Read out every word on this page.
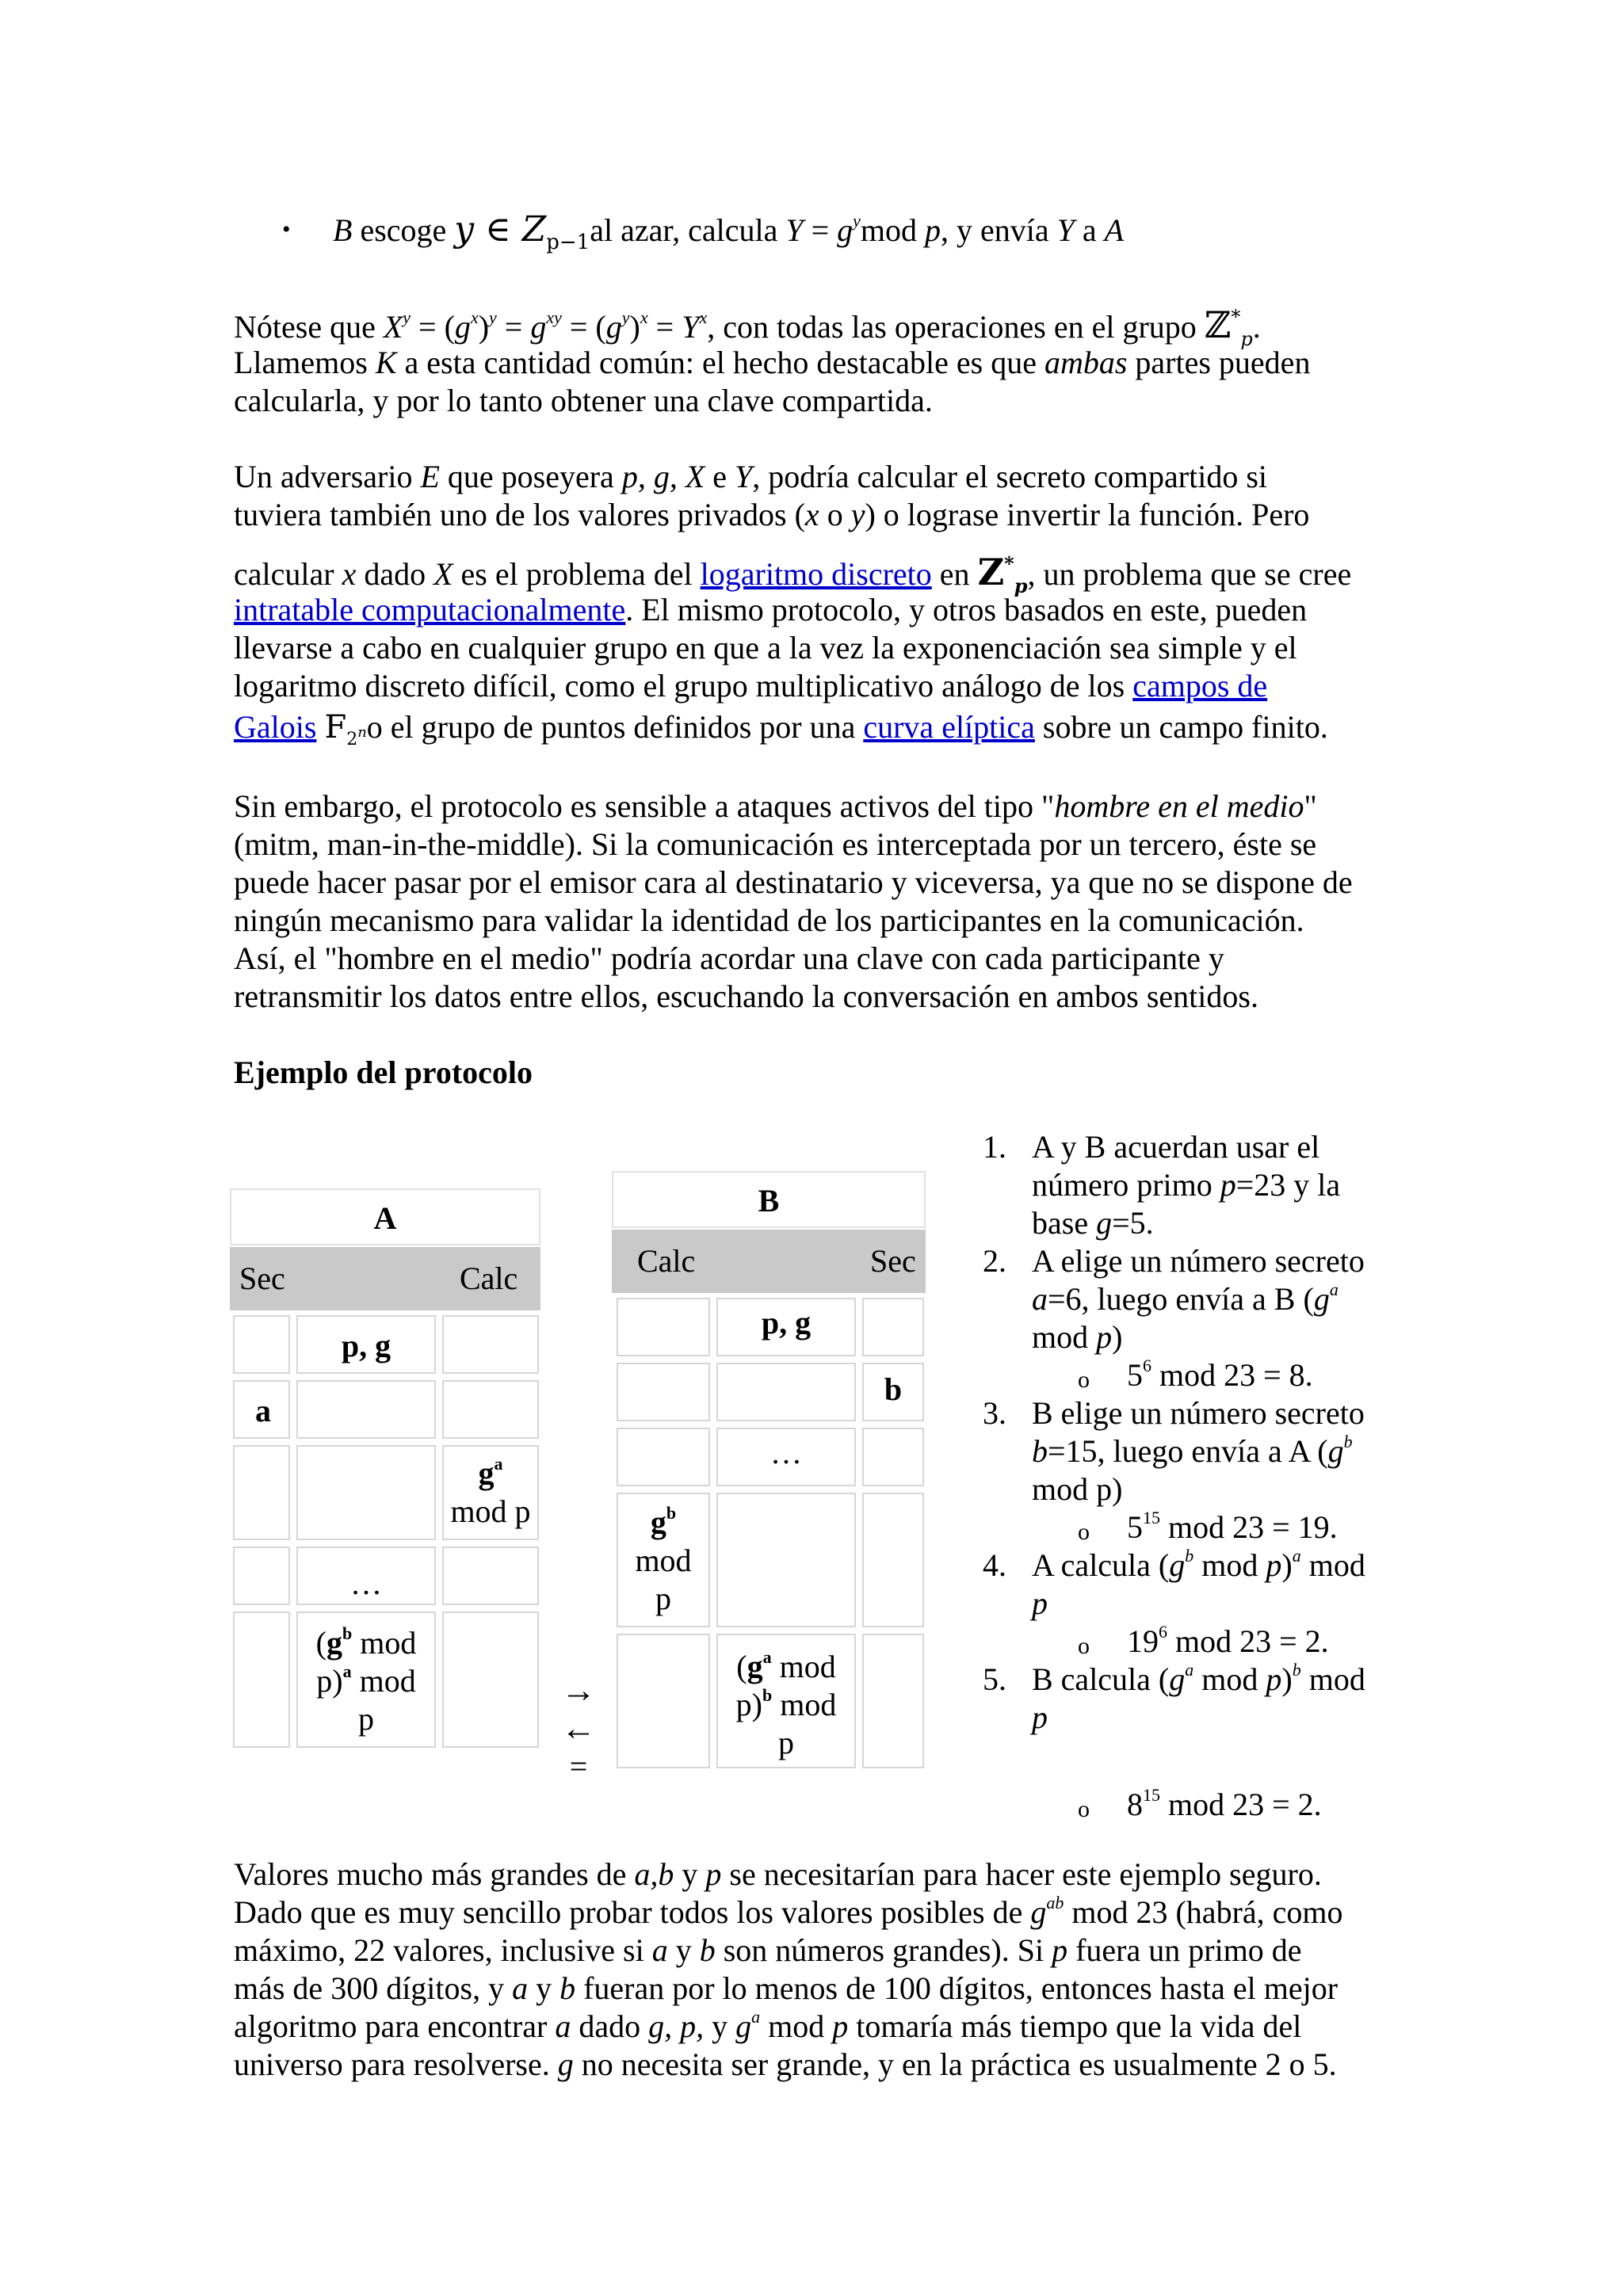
• B escoge y ∈ $Z_{p-1}al$ azar, calcula $Y = g^ymod$ p, y envía Y a A

Nótese que $X^y = (g^x)^y = g^{xy} = (g^y)^x = Y^x$, con todas las operaciones en el grupo ℤ*$_p$.

Llamemos K a esta cantidad común: el hecho destacable es que ambas partes pueden

calcularla, y por lo tanto obtener una clave compartida.

Un adversario E que poseyera p, g, X e Y, podría calcular el secreto compartido si

tuviera también uno de los valores privados (x o y) o lograse invertir la función. Pero

calcular x dado X es el problema del logaritmo discreto en $Z^*_p$, un problema que se cree

intratable computacionalmente. El mismo protocolo, y otros basados en este, pueden

llevarse a cabo en cualquier grupo en que a la vez la exponenciación sea simple y el

logaritmo discreto difícil, como el grupo multiplicativo análogo de los campos de

Galois $F_{2^n}o$ el grupo de puntos definidos por una curva elíptica sobre un campo finito.

Sin embargo, el protocolo es sensible a ataques activos del tipo "hombre en el medio"

(mitm, man-in-the-middle). Si la comunicación es interceptada por un tercero, éste se

puede hacer pasar por el emisor cara al destinatario y viceversa, ya que no se dispone de

ningún mecanismo para validar la identidad de los participantes en la comunicación.

Así, el "hombre en el medio" podría acordar una clave con cada participante y

retransmitir los datos entre ellos, escuchando la conversación en ambos sentidos.

Ejemplo del protocolo

A
Sec	Calc
p, g
a
$g^a$
mod p
…
($g^b$ mod
p)$^a$ mod
p
→
←
=
B
Calc	Sec
p, g
b
…
$g^b$
mod
p
($g^a$ mod
p)$^b$ mod
p
1. A y B acuerdan usar el
número primo p=23 y la
base g=5.
2. A elige un número secreto
a=6, luego envía a B ($g^a$
mod p)
o $5^6$ mod 23 = 8.
3. B elige un número secreto
b=15, luego envía a A ($g^b$
mod p)
o $5^{15}$ mod 23 = 19.
4. A calcula ($g^b$ mod p)$^a$ mod
p
o $19^6$ mod 23 = 2.
5. B calcula ($g^a$ mod p)$^b$ mod
p
o $8^{15}$ mod 23 = 2.

Valores mucho más grandes de a,b y p se necesitarían para hacer este ejemplo seguro.

Dado que es muy sencillo probar todos los valores posibles de $g^{ab}$ mod 23 (habrá, como

máximo, 22 valores, inclusive si a y b son números grandes). Si p fuera un primo de

más de 300 dígitos, y a y b fueran por lo menos de 100 dígitos, entonces hasta el mejor

algoritmo para encontrar a dado g, p, y $g^a$ mod p tomaría más tiempo que la vida del

universo para resolverse. g no necesita ser grande, y en la práctica es usualmente 2 o 5.
